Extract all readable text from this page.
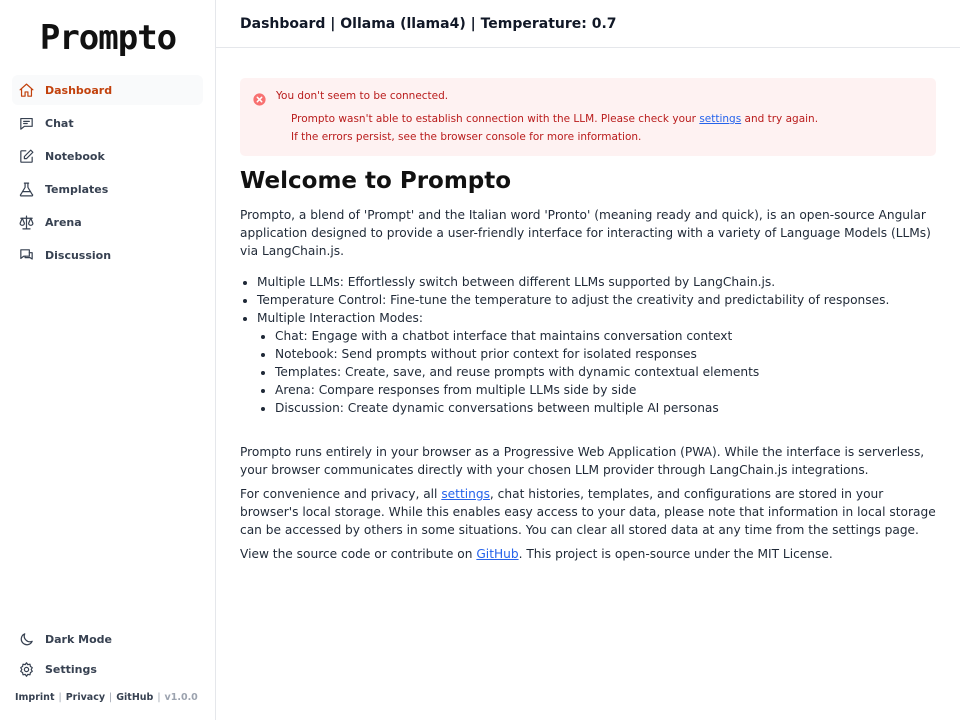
Prompto
Dashboard
Chat
Notebook
Templates
Arena
Discussion
Dark Mode
Settings
Imprint | Privacy | GitHub | v1.0.0
Dashboard | Ollama (llama4) | Temperature: 0.7
You don't seem to be connected.
Prompto wasn't able to establish connection with the LLM. Please check your settings and try again.
If the errors persist, see the browser console for more information.
Welcome to Prompto

Prompto, a blend of 'Prompt' and the Italian word 'Pronto' (meaning ready and quick), is an open-source Angular application designed to provide a user-friendly interface for interacting with a variety of Language Models (LLMs) via LangChain.js.

• Multiple LLMs: Effortlessly switch between different LLMs supported by LangChain.js.
• Temperature Control: Fine-tune the temperature to adjust the creativity and predictability of responses.
• Multiple Interaction Modes:
• Chat: Engage with a chatbot interface that maintains conversation context
• Notebook: Send prompts without prior context for isolated responses
• Templates: Create, save, and reuse prompts with dynamic contextual elements
• Arena: Compare responses from multiple LLMs side by side
• Discussion: Create dynamic conversations between multiple AI personas

Prompto runs entirely in your browser as a Progressive Web Application (PWA). While the interface is serverless, your browser communicates directly with your chosen LLM provider through LangChain.js integrations.

For convenience and privacy, all settings, chat histories, templates, and configurations are stored in your browser's local storage. While this enables easy access to your data, please note that information in local storage can be accessed by others in some situations. You can clear all stored data at any time from the settings page.

View the source code or contribute on GitHub. This project is open-source under the MIT License.
